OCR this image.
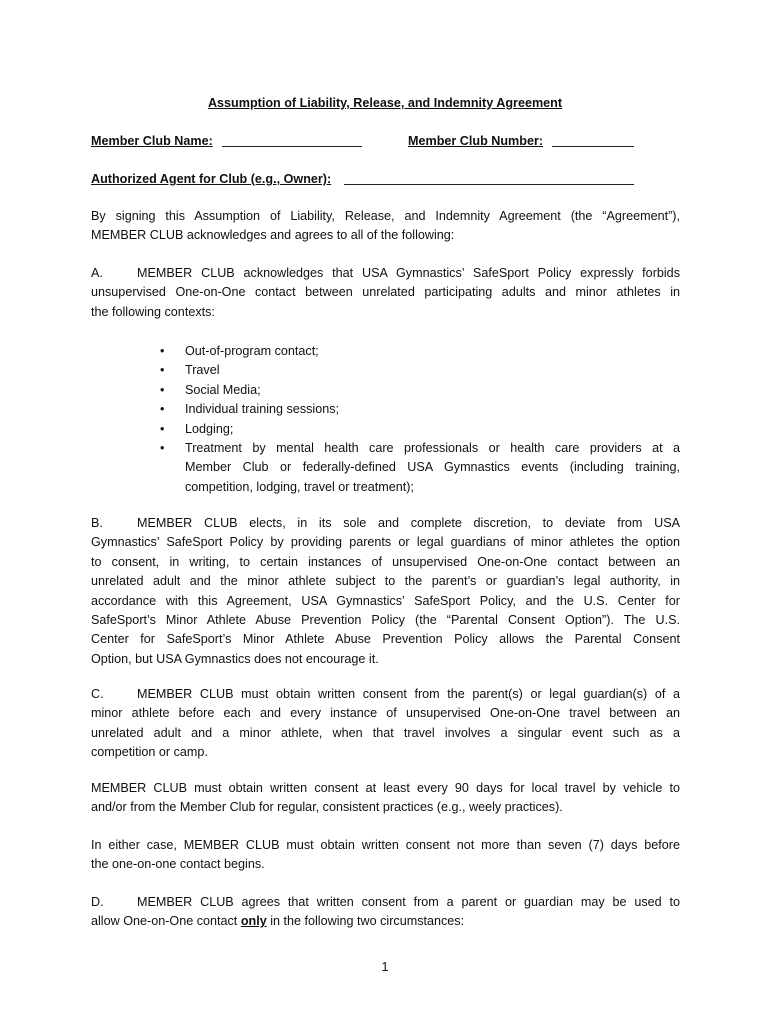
Assumption of Liability, Release, and Indemnity Agreement
Member Club Name:	Member Club Number:
Authorized Agent for Club (e.g., Owner):
By signing this Assumption of Liability, Release, and Indemnity Agreement (the “Agreement”),
MEMBER CLUB acknowledges and agrees to all of the following:
A.	MEMBER CLUB acknowledges that USA Gymnastics’ SafeSport Policy expressly forbids
unsupervised One-on-One contact between unrelated participating adults and minor athletes in
the following contexts:
• Out-of-program contact;
• Travel
• Social Media;
• Individual training sessions;
• Lodging;
• Treatment by mental health care professionals or health care providers at a
Member Club or federally-defined USA Gymnastics events (including training,
competition, lodging, travel or treatment);
B.	MEMBER CLUB elects, in its sole and complete discretion, to deviate from USA
Gymnastics’ SafeSport Policy by providing parents or legal guardians of minor athletes the option
to consent, in writing, to certain instances of unsupervised One-on-One contact between an
unrelated adult and the minor athlete subject to the parent’s or guardian’s legal authority, in
accordance with this Agreement, USA Gymnastics’ SafeSport Policy, and the U.S. Center for
SafeSport’s Minor Athlete Abuse Prevention Policy (the “Parental Consent Option”). The U.S.
Center for SafeSport’s Minor Athlete Abuse Prevention Policy allows the Parental Consent
Option, but USA Gymnastics does not encourage it.
C.	MEMBER CLUB must obtain written consent from the parent(s) or legal guardian(s) of a
minor athlete before each and every instance of unsupervised One-on-One travel between an
unrelated adult and a minor athlete, when that travel involves a singular event such as a
competition or camp.
MEMBER CLUB must obtain written consent at least every 90 days for local travel by vehicle to
and/or from the Member Club for regular, consistent practices (e.g., weely practices).
In either case, MEMBER CLUB must obtain written consent not more than seven (7) days before
the one-on-one contact begins.
D.	MEMBER CLUB agrees that written consent from a parent or guardian may be used to
allow One-on-One contact only in the following two circumstances:
1
